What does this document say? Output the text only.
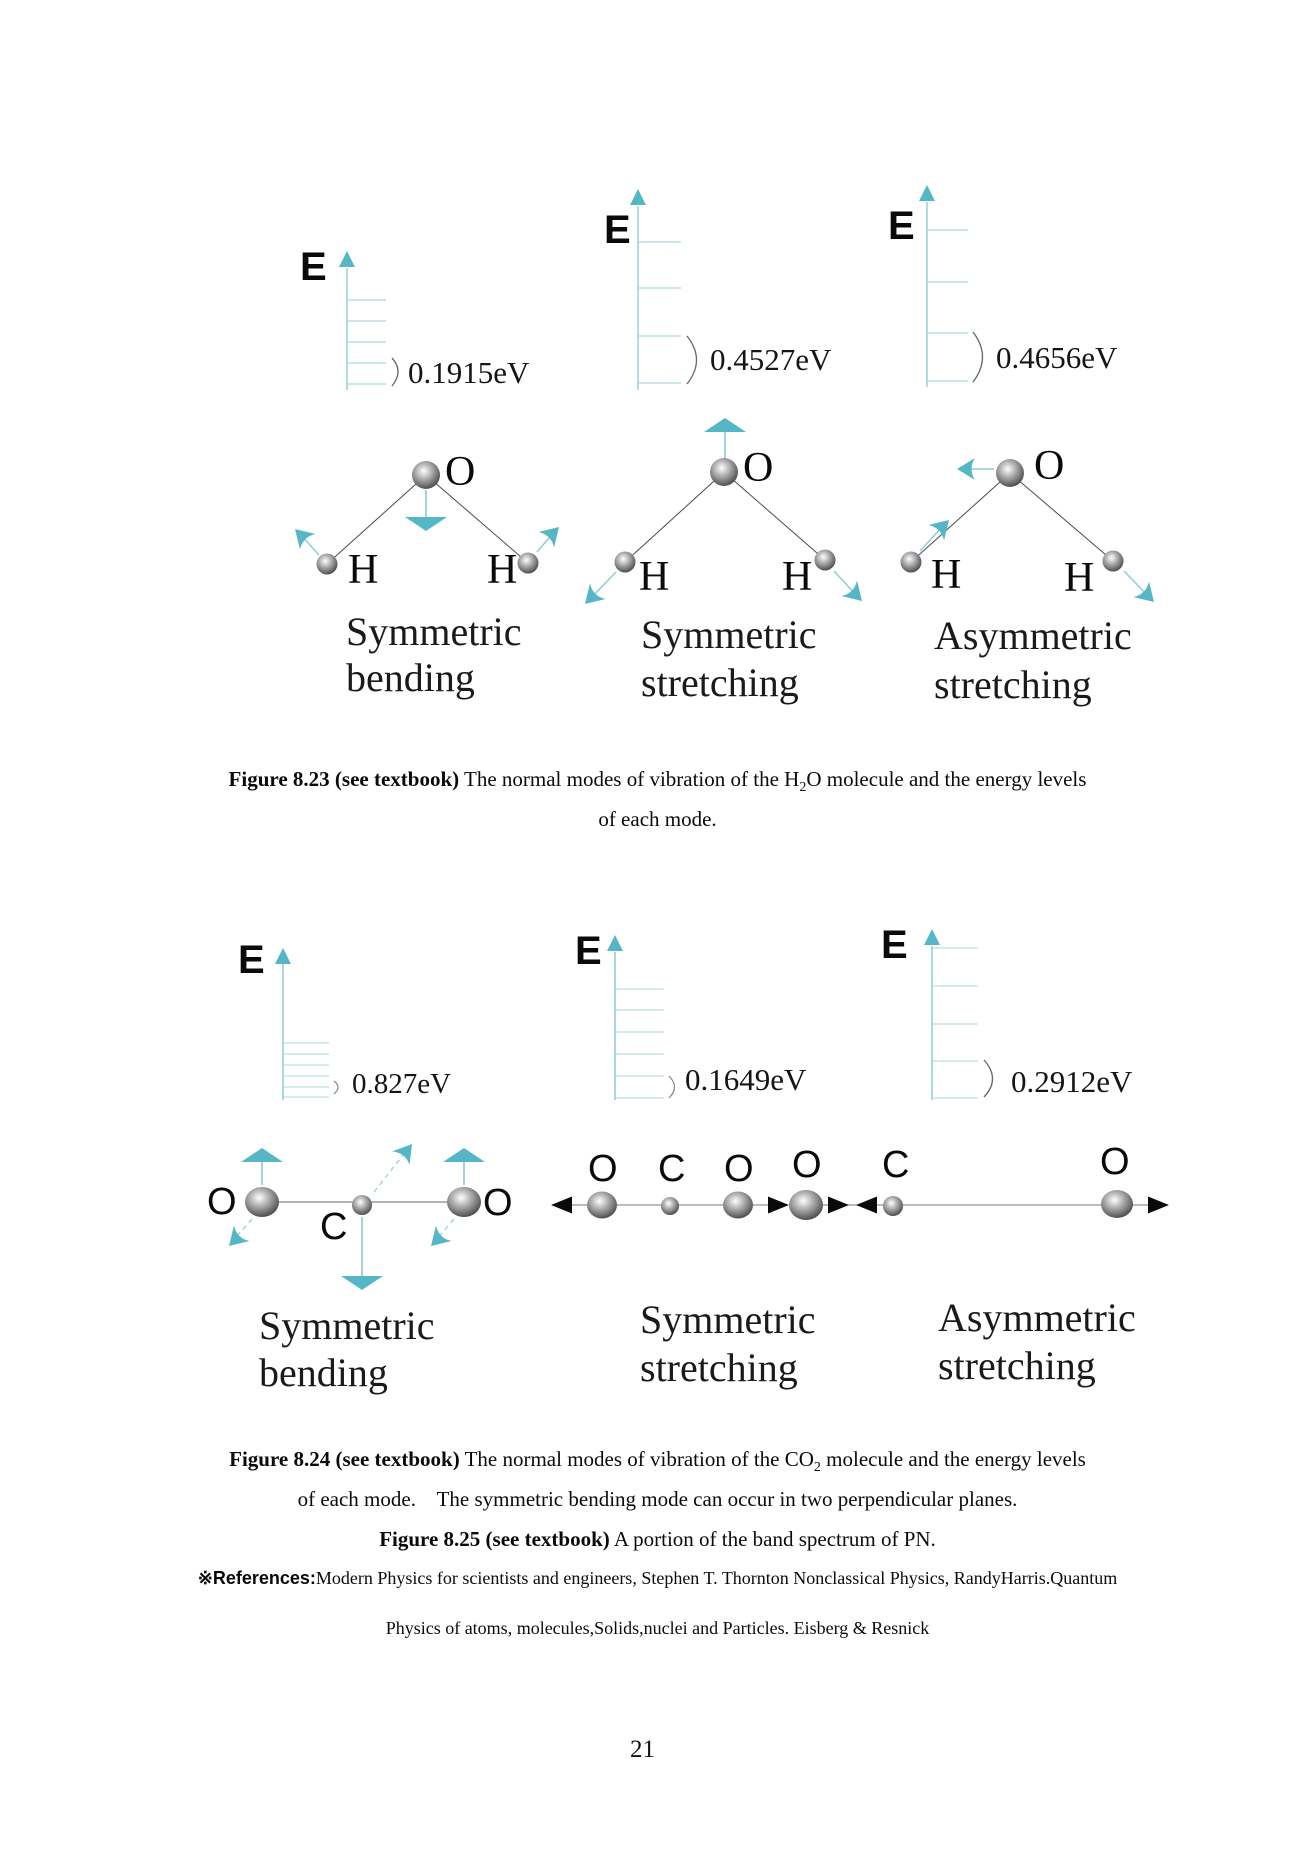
E
E	E
0.1915eV	0.4527eV	0.4656eV
O
H	H
O
H	H
O
H H
Symmetric
bending
Symmetric
stretching
Asymmetric
stretching
Figure 8.23 (see textbook) The normal modes of vibration of the $H_2O$ molecule and the energy levels
of each mode.
E	E	E
0.827eV	0.1649eV	0.2912eV
O
C
O
O C O O C	O
Symmetric
bending
Symmetric
stretching
Asymmetric
stretching
Figure 8.24 (see textbook) The normal modes of vibration of the $CO_2$ molecule and the energy levels
of each mode.    The symmetric bending mode can occur in two perpendicular planes.
Figure 8.25 (see textbook) A portion of the band spectrum of PN.
※References:Modern Physics for scientists and engineers, Stephen T. Thornton Nonclassical Physics, RandyHarris.Quantum
Physics of atoms, molecules,Solids,nuclei and Particles. Eisberg & Resnick
21
